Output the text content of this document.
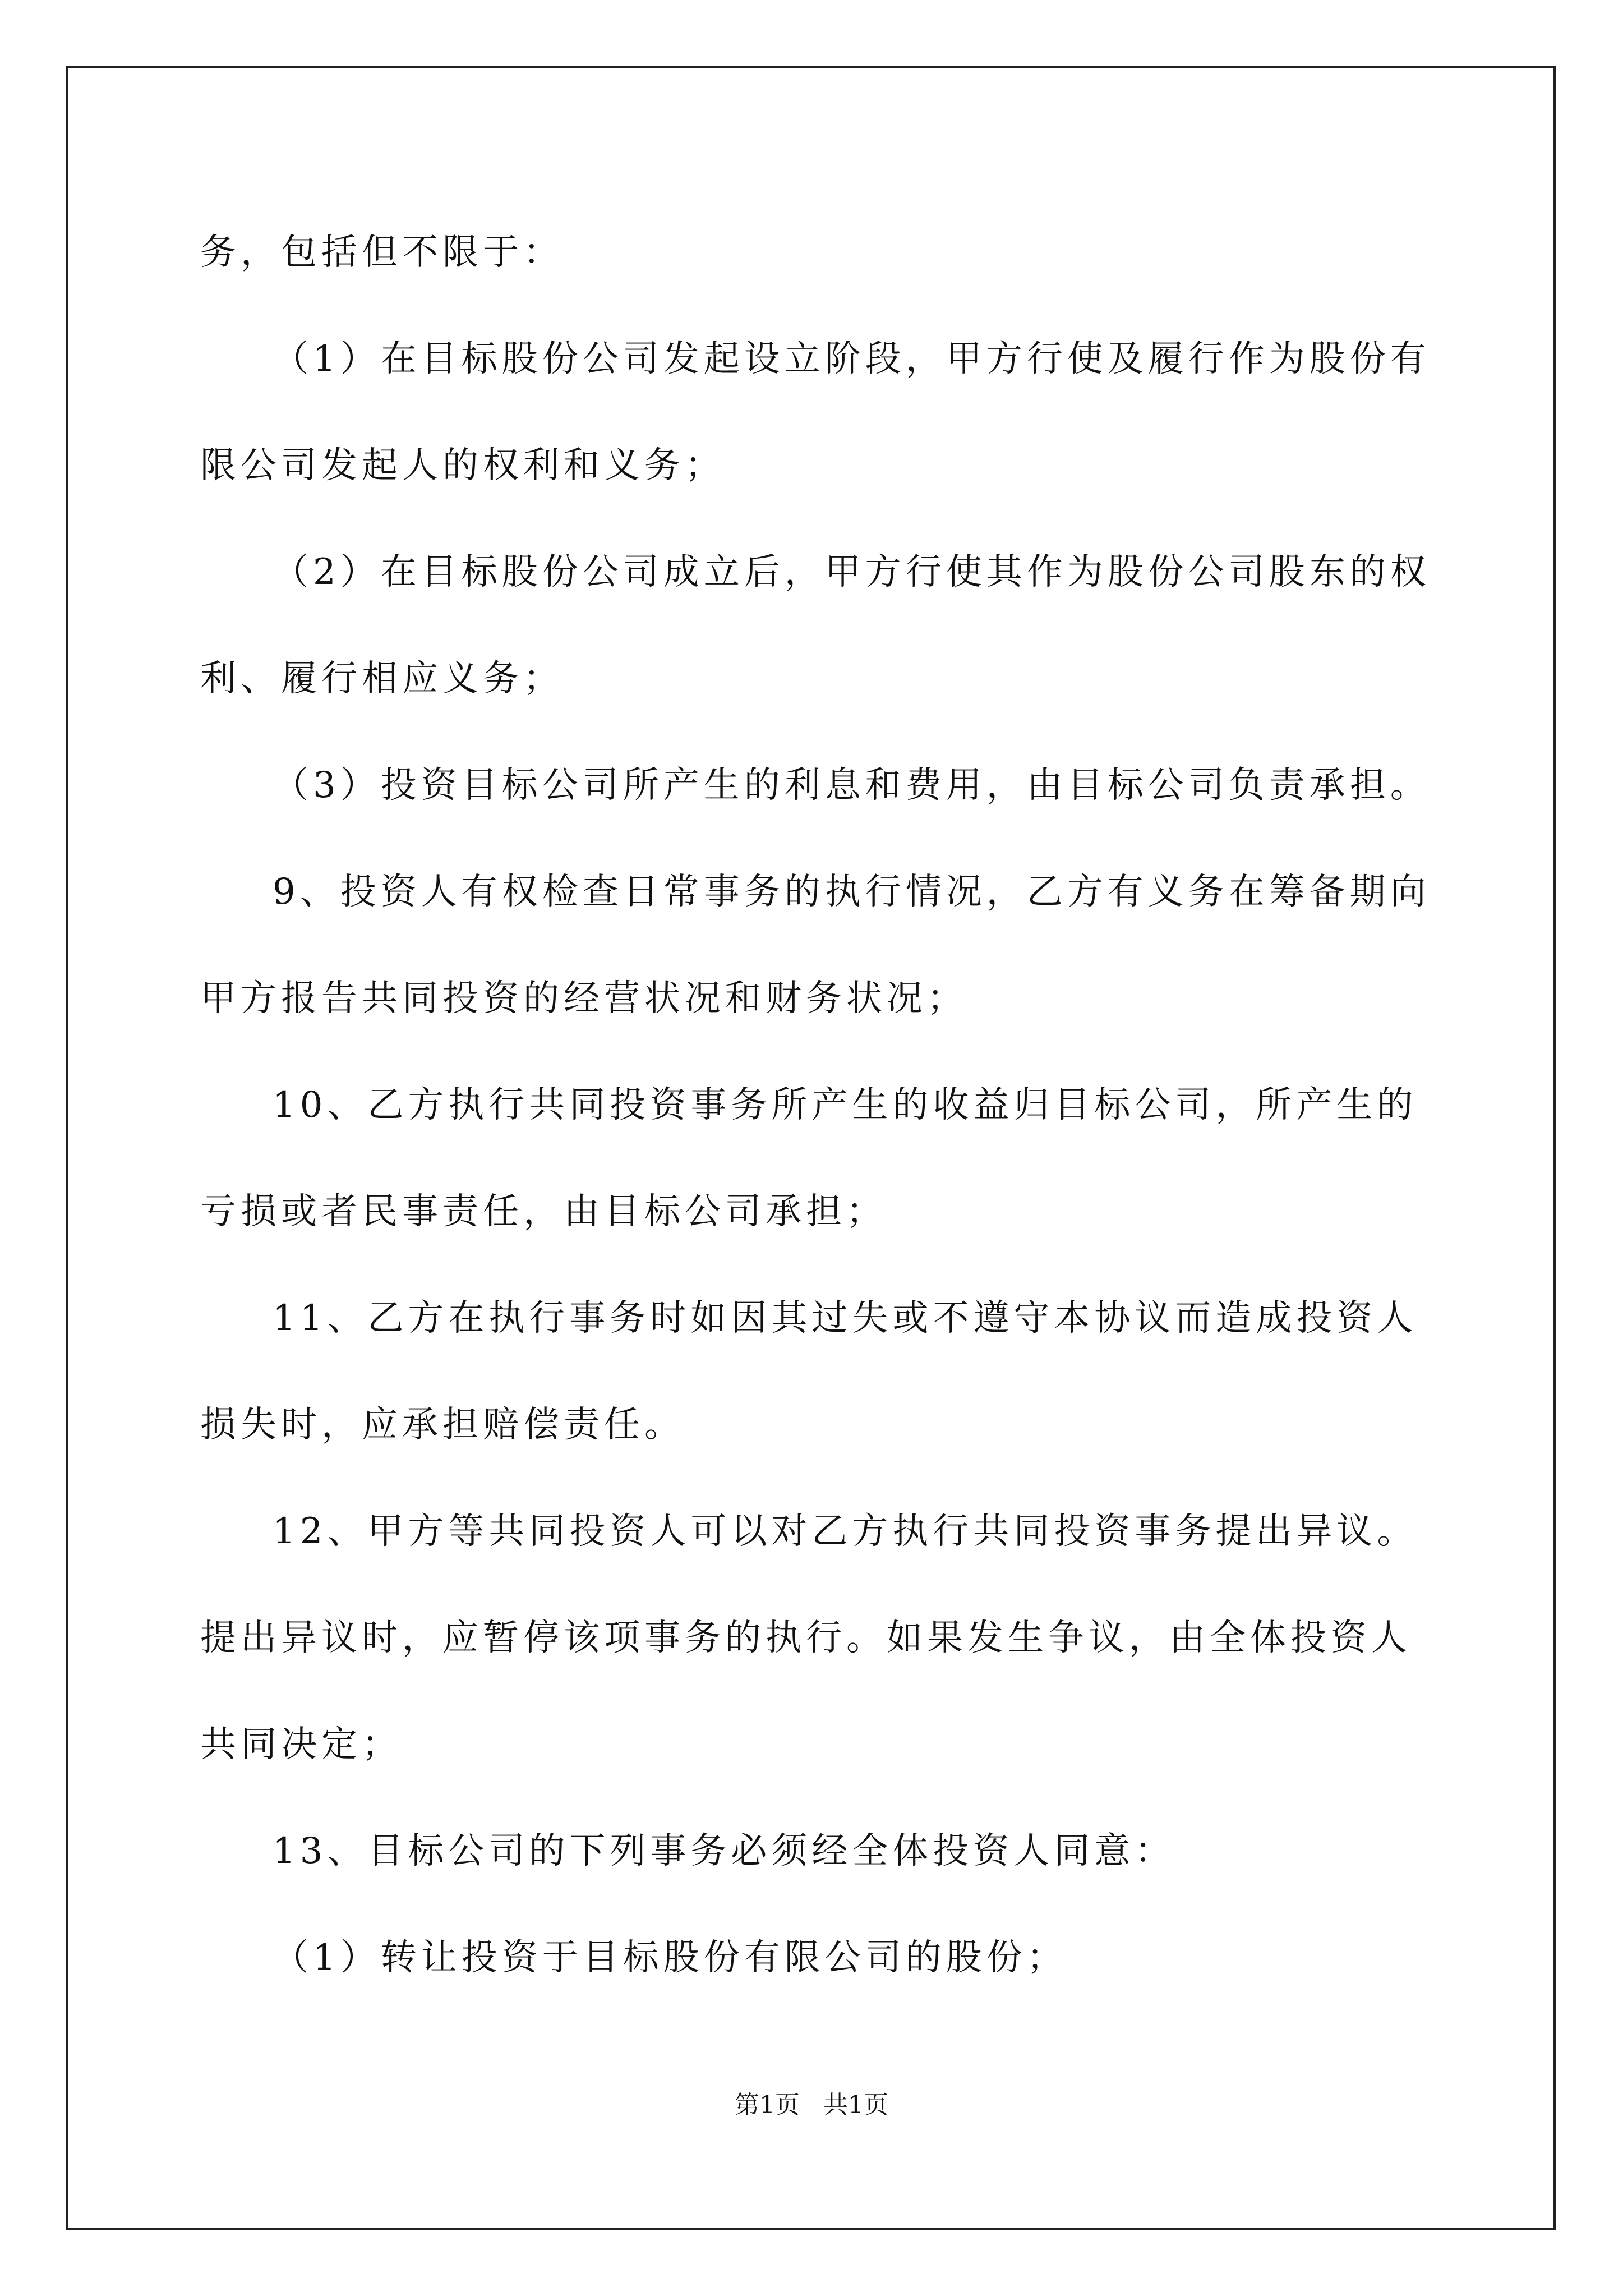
务，包括但不限于：
（1）在目标股份公司发起设立阶段，甲方行使及履行作为股份有
限公司发起人的权利和义务；
（2）在目标股份公司成立后，甲方行使其作为股份公司股东的权
利、履行相应义务；
（3）投资目标公司所产生的利息和费用，由目标公司负责承担。
9、投资人有权检查日常事务的执行情况，乙方有义务在筹备期向
甲方报告共同投资的经营状况和财务状况；
10、乙方执行共同投资事务所产生的收益归目标公司，所产生的
亏损或者民事责任，由目标公司承担；
11、乙方在执行事务时如因其过失或不遵守本协议而造成投资人
损失时，应承担赔偿责任。
12、甲方等共同投资人可以对乙方执行共同投资事务提出异议。
提出异议时，应暂停该项事务的执行。如果发生争议，由全体投资人
共同决定；
13、目标公司的下列事务必须经全体投资人同意：
（1）转让投资于目标股份有限公司的股份；
第1页   共1页
